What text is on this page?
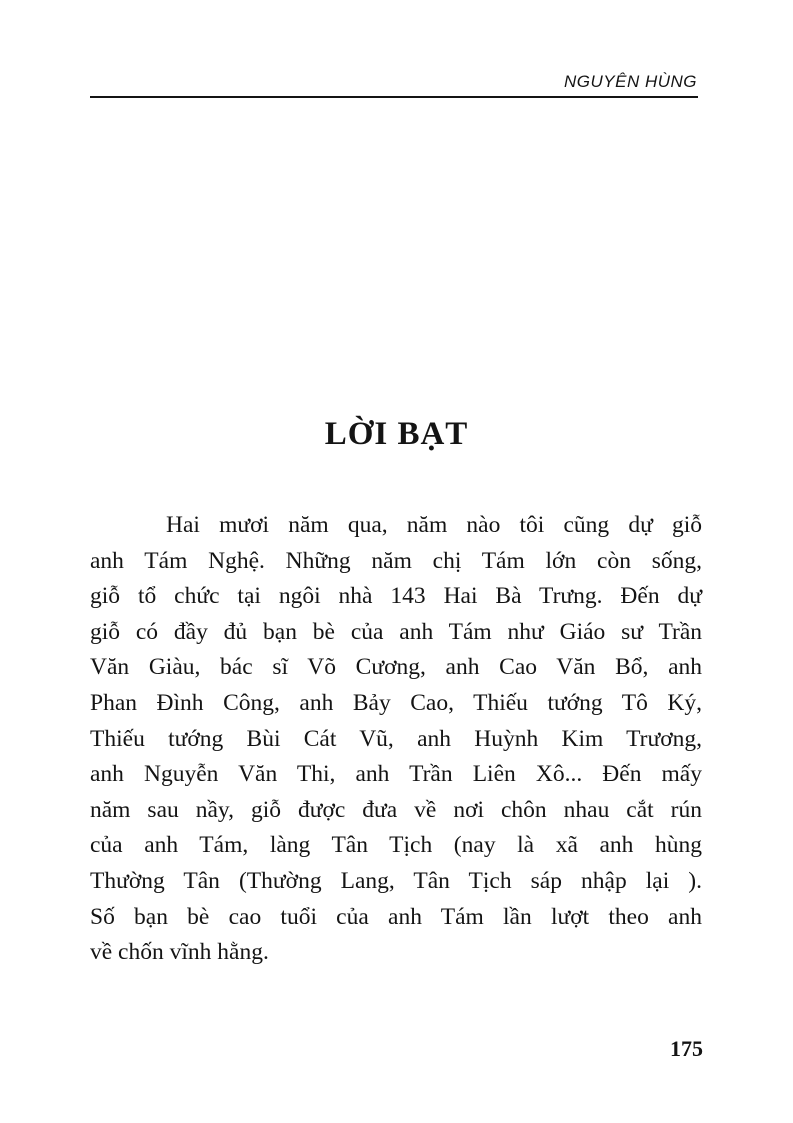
NGUYÊN HÙNG
LỜI BẠT
Hai mươi năm qua, năm nào tôi cũng dự giỗ
anh Tám Nghệ. Những năm chị Tám lớn còn sống,
giỗ tổ chức tại ngôi nhà 143 Hai Bà Trưng. Đến dự
giỗ có đầy đủ bạn bè của anh Tám như Giáo sư Trần
Văn Giàu, bác sĩ Võ Cương, anh Cao Văn Bổ, anh
Phan Đình Công, anh Bảy Cao, Thiếu tướng Tô Ký,
Thiếu tướng Bùi Cát Vũ, anh Huỳnh Kim Trương,
anh Nguyễn Văn Thi, anh Trần Liên Xô... Đến mấy
năm sau nầy, giỗ được đưa về nơi chôn nhau cắt rún
của anh Tám, làng Tân Tịch (nay là xã anh hùng
Thường Tân (Thường Lang, Tân Tịch sáp nhập lại ).
Số bạn bè cao tuổi của anh Tám lần lượt theo anh
về chốn vĩnh hằng.
175
